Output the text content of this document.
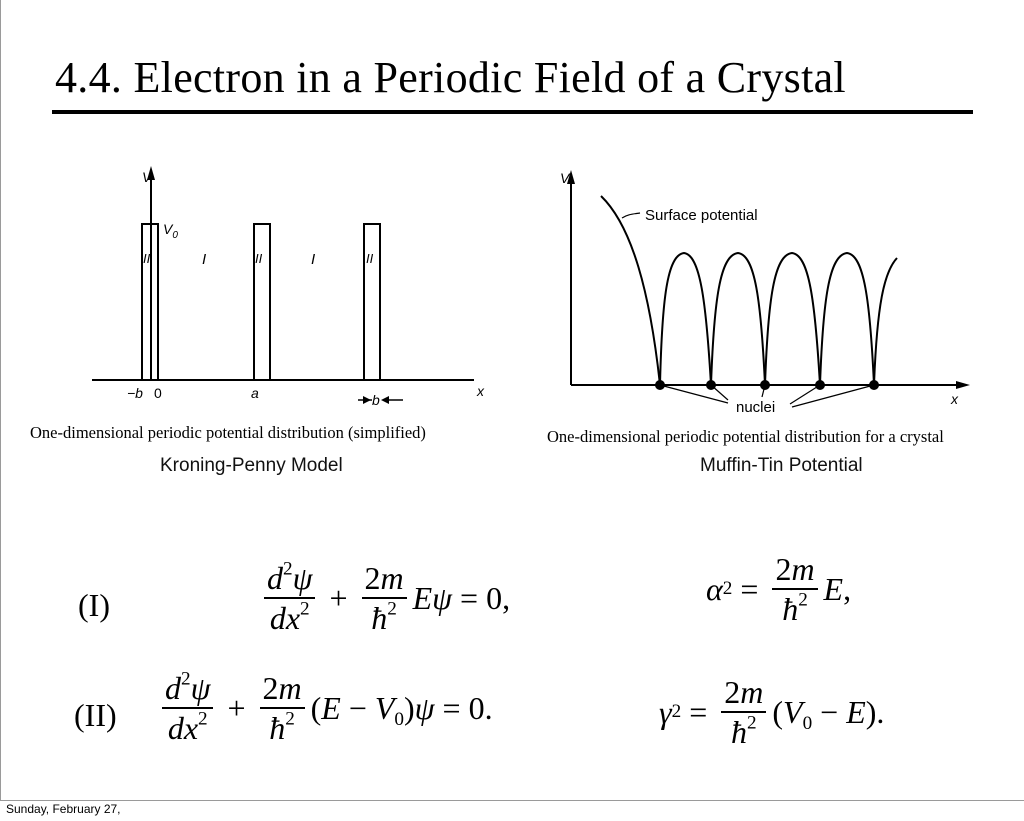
4.4. Electron in a Periodic Field of a Crystal
V
$V_0$
II	II	II
I	I
−b 0	a	b
x
V
Surface potential
nuclei	x
One-dimensional periodic potential distribution (simplified)
Kroning-Penny Model
One-dimensional periodic potential distribution for a crystal
Muffin-Tin Potential
(I)	$\frac{d^2\psi}{dx^2} + \frac{2m}{ħ^2}$ Eψ = 0,
$(II) \frac{d^2\psi}{dx^2} + \frac{2m}{ħ^2} (E - V_0)\psi = 0$.
α $2 = \frac{2m}{ħ^2}$ E ,
γ $2 = \frac{2m}{ħ^2} (V_0 - E)$.
Sunday, February 27,
